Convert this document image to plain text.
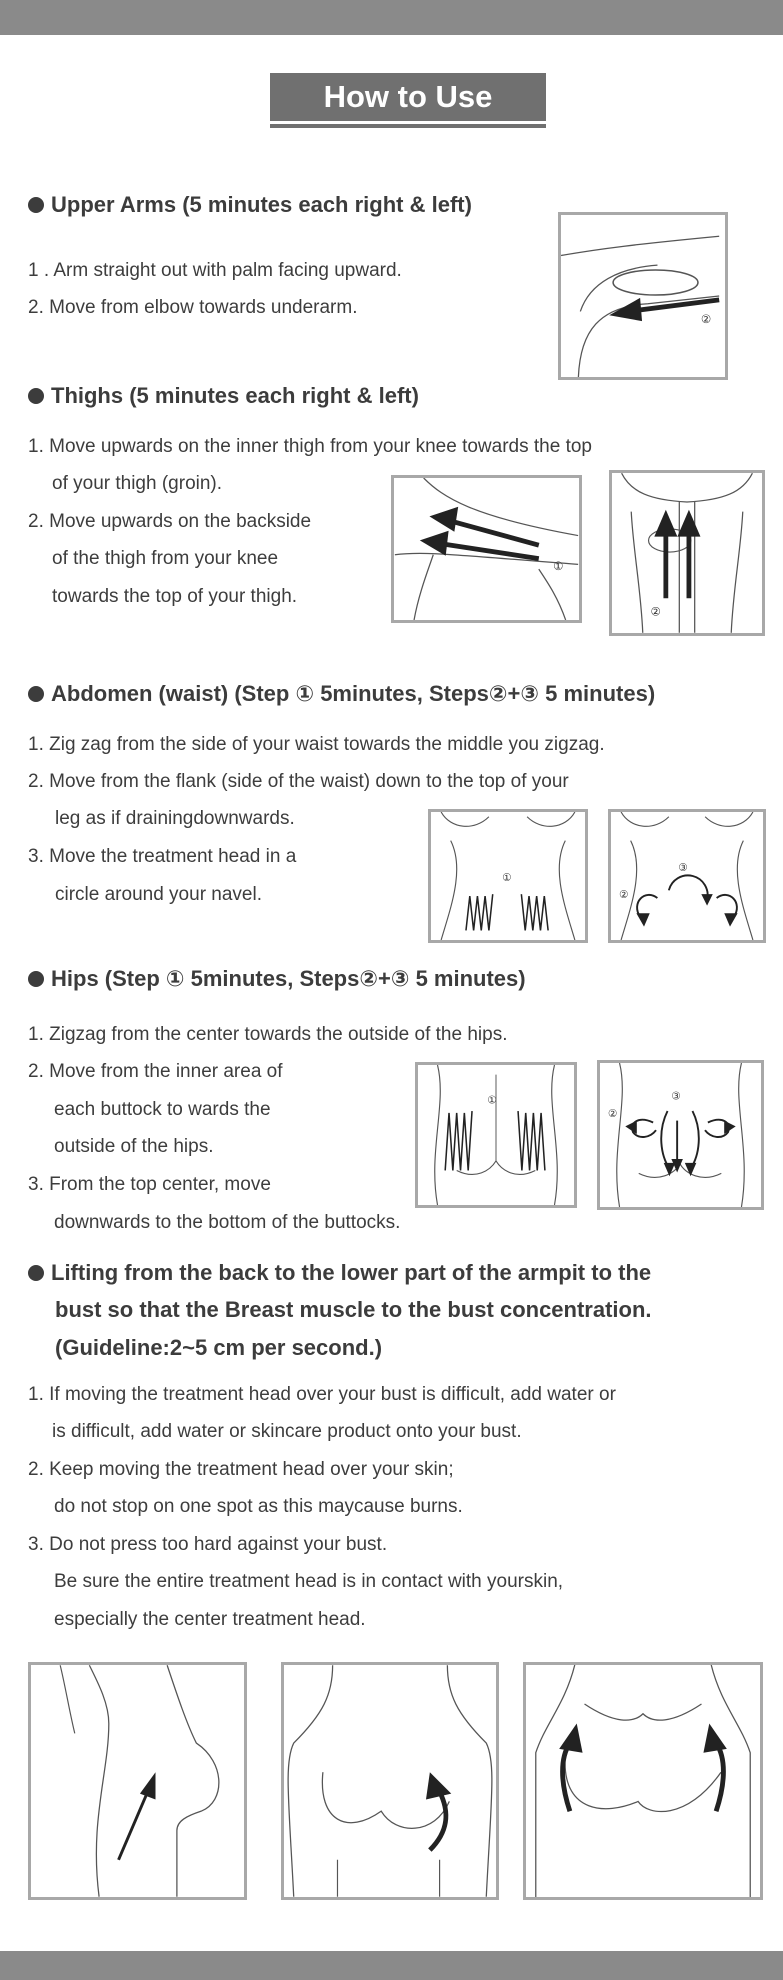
How to Use
Upper Arms (5 minutes each right & left)
1 . Arm straight out with palm facing upward.
2. Move from elbow towards underarm.
②
Thighs (5 minutes each right & left)
1. Move upwards on the inner thigh from your knee towards the top
of your thigh (groin).
2. Move upwards on the backside
of the thigh from your knee
towards the top of your thigh.
①
②
Abdomen (waist) (Step ① 5minutes, Steps②+③ 5 minutes)
1. Zig zag from the side of your waist towards the middle you zigzag.
2. Move from the flank (side of the waist) down to the top of your
leg as if drainingdownwards.
3. Move the treatment head in a
circle around your navel.
①
③
②
Hips (Step ① 5minutes, Steps②+③ 5 minutes)
1. Zigzag from the center towards the outside of the hips.
2. Move from the inner area of
each buttock to wards the
outside of the hips.
3. From the top center, move
downwards to the bottom of the buttocks.
①	③
②
Lifting from the back to the lower part of the armpit to the
bust so that the Breast muscle to the bust concentration.
(Guideline:2~5 cm per second.)
1. If moving the treatment head over your bust is difficult, add water or
is difficult, add water or skincare product onto your bust.
2. Keep moving the treatment head over your skin;
do not stop on one spot as this maycause burns.
3. Do not press too hard against your bust.
Be sure the entire treatment head is in contact with yourskin,
especially the center treatment head.
